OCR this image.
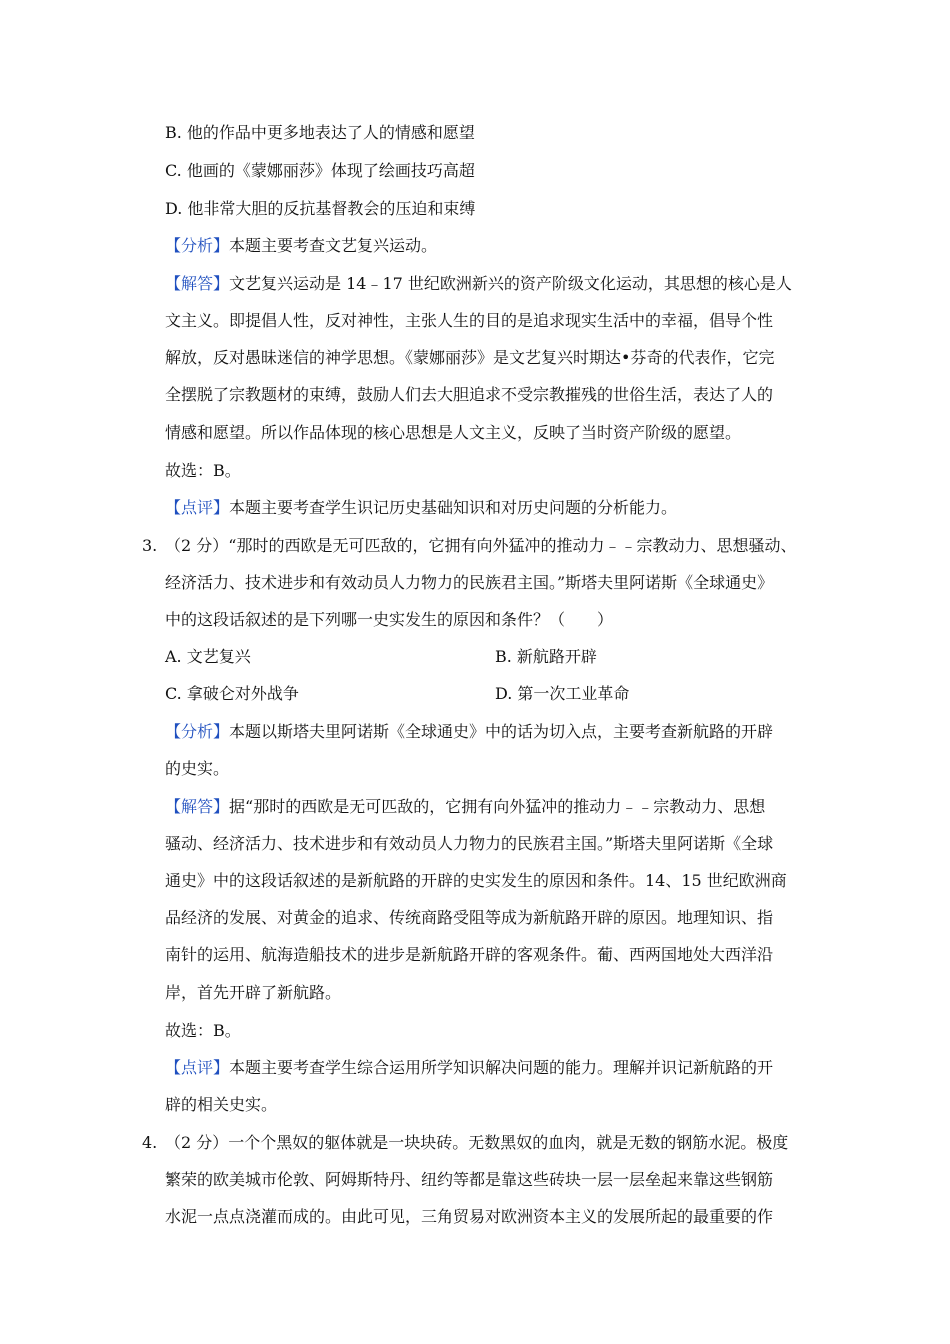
B. 他的作品中更多地表达了人的情感和愿望
C. 他画的《蒙娜丽莎》体现了绘画技巧高超
D. 他非常大胆的反抗基督教会的压迫和束缚
【分析】本题主要考查文艺复兴运动。
【解答】文艺复兴运动是 14﹣17 世纪欧洲新兴的资产阶级文化运动，其思想的核心是人
文主义。即提倡人性，反对神性，主张人生的目的是追求现实生活中的幸福，倡导个性
解放，反对愚昧迷信的神学思想。《蒙娜丽莎》是文艺复兴时期达•芬奇的代表作，它完
全摆脱了宗教题材的束缚，鼓励人们去大胆追求不受宗教摧残的世俗生活，表达了人的
情感和愿望。所以作品体现的核心思想是人文主义，反映了当时资产阶级的愿望。
故选：B。
【点评】本题主要考查学生识记历史基础知识和对历史问题的分析能力。
3. （2 分）“那时的西欧是无可匹敌的，它拥有向外猛冲的推动力﹣﹣宗教动力、思想骚动、
经济活力、技术进步和有效动员人力物力的民族君主国。”斯塔夫里阿诺斯《全球通史》
中的这段话叙述的是下列哪一史实发生的原因和条件？（　　）
A. 文艺复兴	B. 新航路开辟
C. 拿破仑对外战争	D. 第一次工业革命
【分析】本题以斯塔夫里阿诺斯《全球通史》中的话为切入点，主要考查新航路的开辟
的史实。
【解答】据“那时的西欧是无可匹敌的，它拥有向外猛冲的推动力﹣﹣宗教动力、思想
骚动、经济活力、技术进步和有效动员人力物力的民族君主国。”斯塔夫里阿诺斯《全球
通史》中的这段话叙述的是新航路的开辟的史实发生的原因和条件。14、15 世纪欧洲商
品经济的发展、对黄金的追求、传统商路受阻等成为新航路开辟的原因。地理知识、指
南针的运用、航海造船技术的进步是新航路开辟的客观条件。葡、西两国地处大西洋沿
岸，首先开辟了新航路。
故选：B。
【点评】本题主要考查学生综合运用所学知识解决问题的能力。理解并识记新航路的开
辟的相关史实。
4. （2 分）一个个黑奴的躯体就是一块块砖。无数黑奴的血肉，就是无数的钢筋水泥。极度
繁荣的欧美城市伦敦、阿姆斯特丹、纽约等都是靠这些砖块一层一层垒起来靠这些钢筋
水泥一点点浇灌而成的。由此可见，三角贸易对欧洲资本主义的发展所起的最重要的作
